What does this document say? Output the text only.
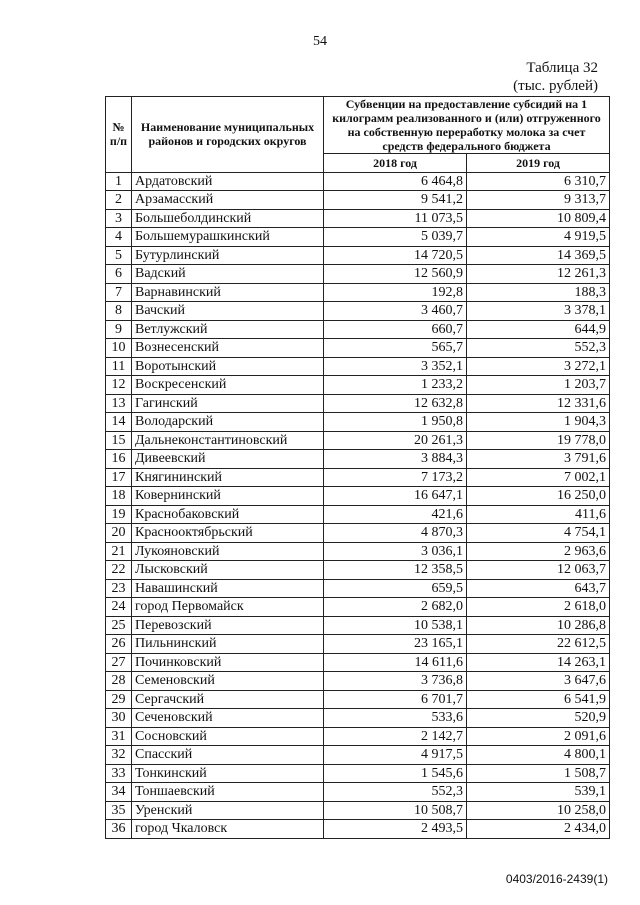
54
Таблица 32
(тыс. рублей)
№ п/п	Наименование муниципальных районов и городских округов	Субвенции на предоставление субсидий на 1 килограмм реализованного и (или) отгруженного на собственную переработку молока за счет средств федерального бюджета	
		2018 год	2019 год
1	Ардатовский	6 464,8	6 310,7
2	Арзамасский	9 541,2	9 313,7
3	Большеболдинский	11 073,5	10 809,4
4	Большемурашкинский	5 039,7	4 919,5
5	Бутурлинский	14 720,5	14 369,5
6	Вадский	12 560,9	12 261,3
7	Варнавинский	192,8	188,3
8	Вачский	3 460,7	3 378,1
9	Ветлужский	660,7	644,9
10	Вознесенский	565,7	552,3
11	Воротынский	3 352,1	3 272,1
12	Воскресенский	1 233,2	1 203,7
13	Гагинский	12 632,8	12 331,6
14	Володарский	1 950,8	1 904,3
15	Дальнеконстантиновский	20 261,3	19 778,0
16	Дивеевский	3 884,3	3 791,6
17	Княгининский	7 173,2	7 002,1
18	Ковернинский	16 647,1	16 250,0
19	Краснобаковский	421,6	411,6
20	Краснооктябрьский	4 870,3	4 754,1
21	Лукояновский	3 036,1	2 963,6
22	Лысковский	12 358,5	12 063,7
23	Навашинский	659,5	643,7
24	город Первомайск	2 682,0	2 618,0
25	Перевозский	10 538,1	10 286,8
26	Пильнинский	23 165,1	22 612,5
27	Починковский	14 611,6	14 263,1
28	Семеновский	3 736,8	3 647,6
29	Сергачский	6 701,7	6 541,9
30	Сеченовский	533,6	520,9
31	Сосновский	2 142,7	2 091,6
32	Спасский	4 917,5	4 800,1
33	Тонкинский	1 545,6	1 508,7
34	Тоншаевский	552,3	539,1
35	Уренский	10 508,7	10 258,0
36	город Чкаловск	2 493,5	2 434,0
0403/2016-2439(1)
